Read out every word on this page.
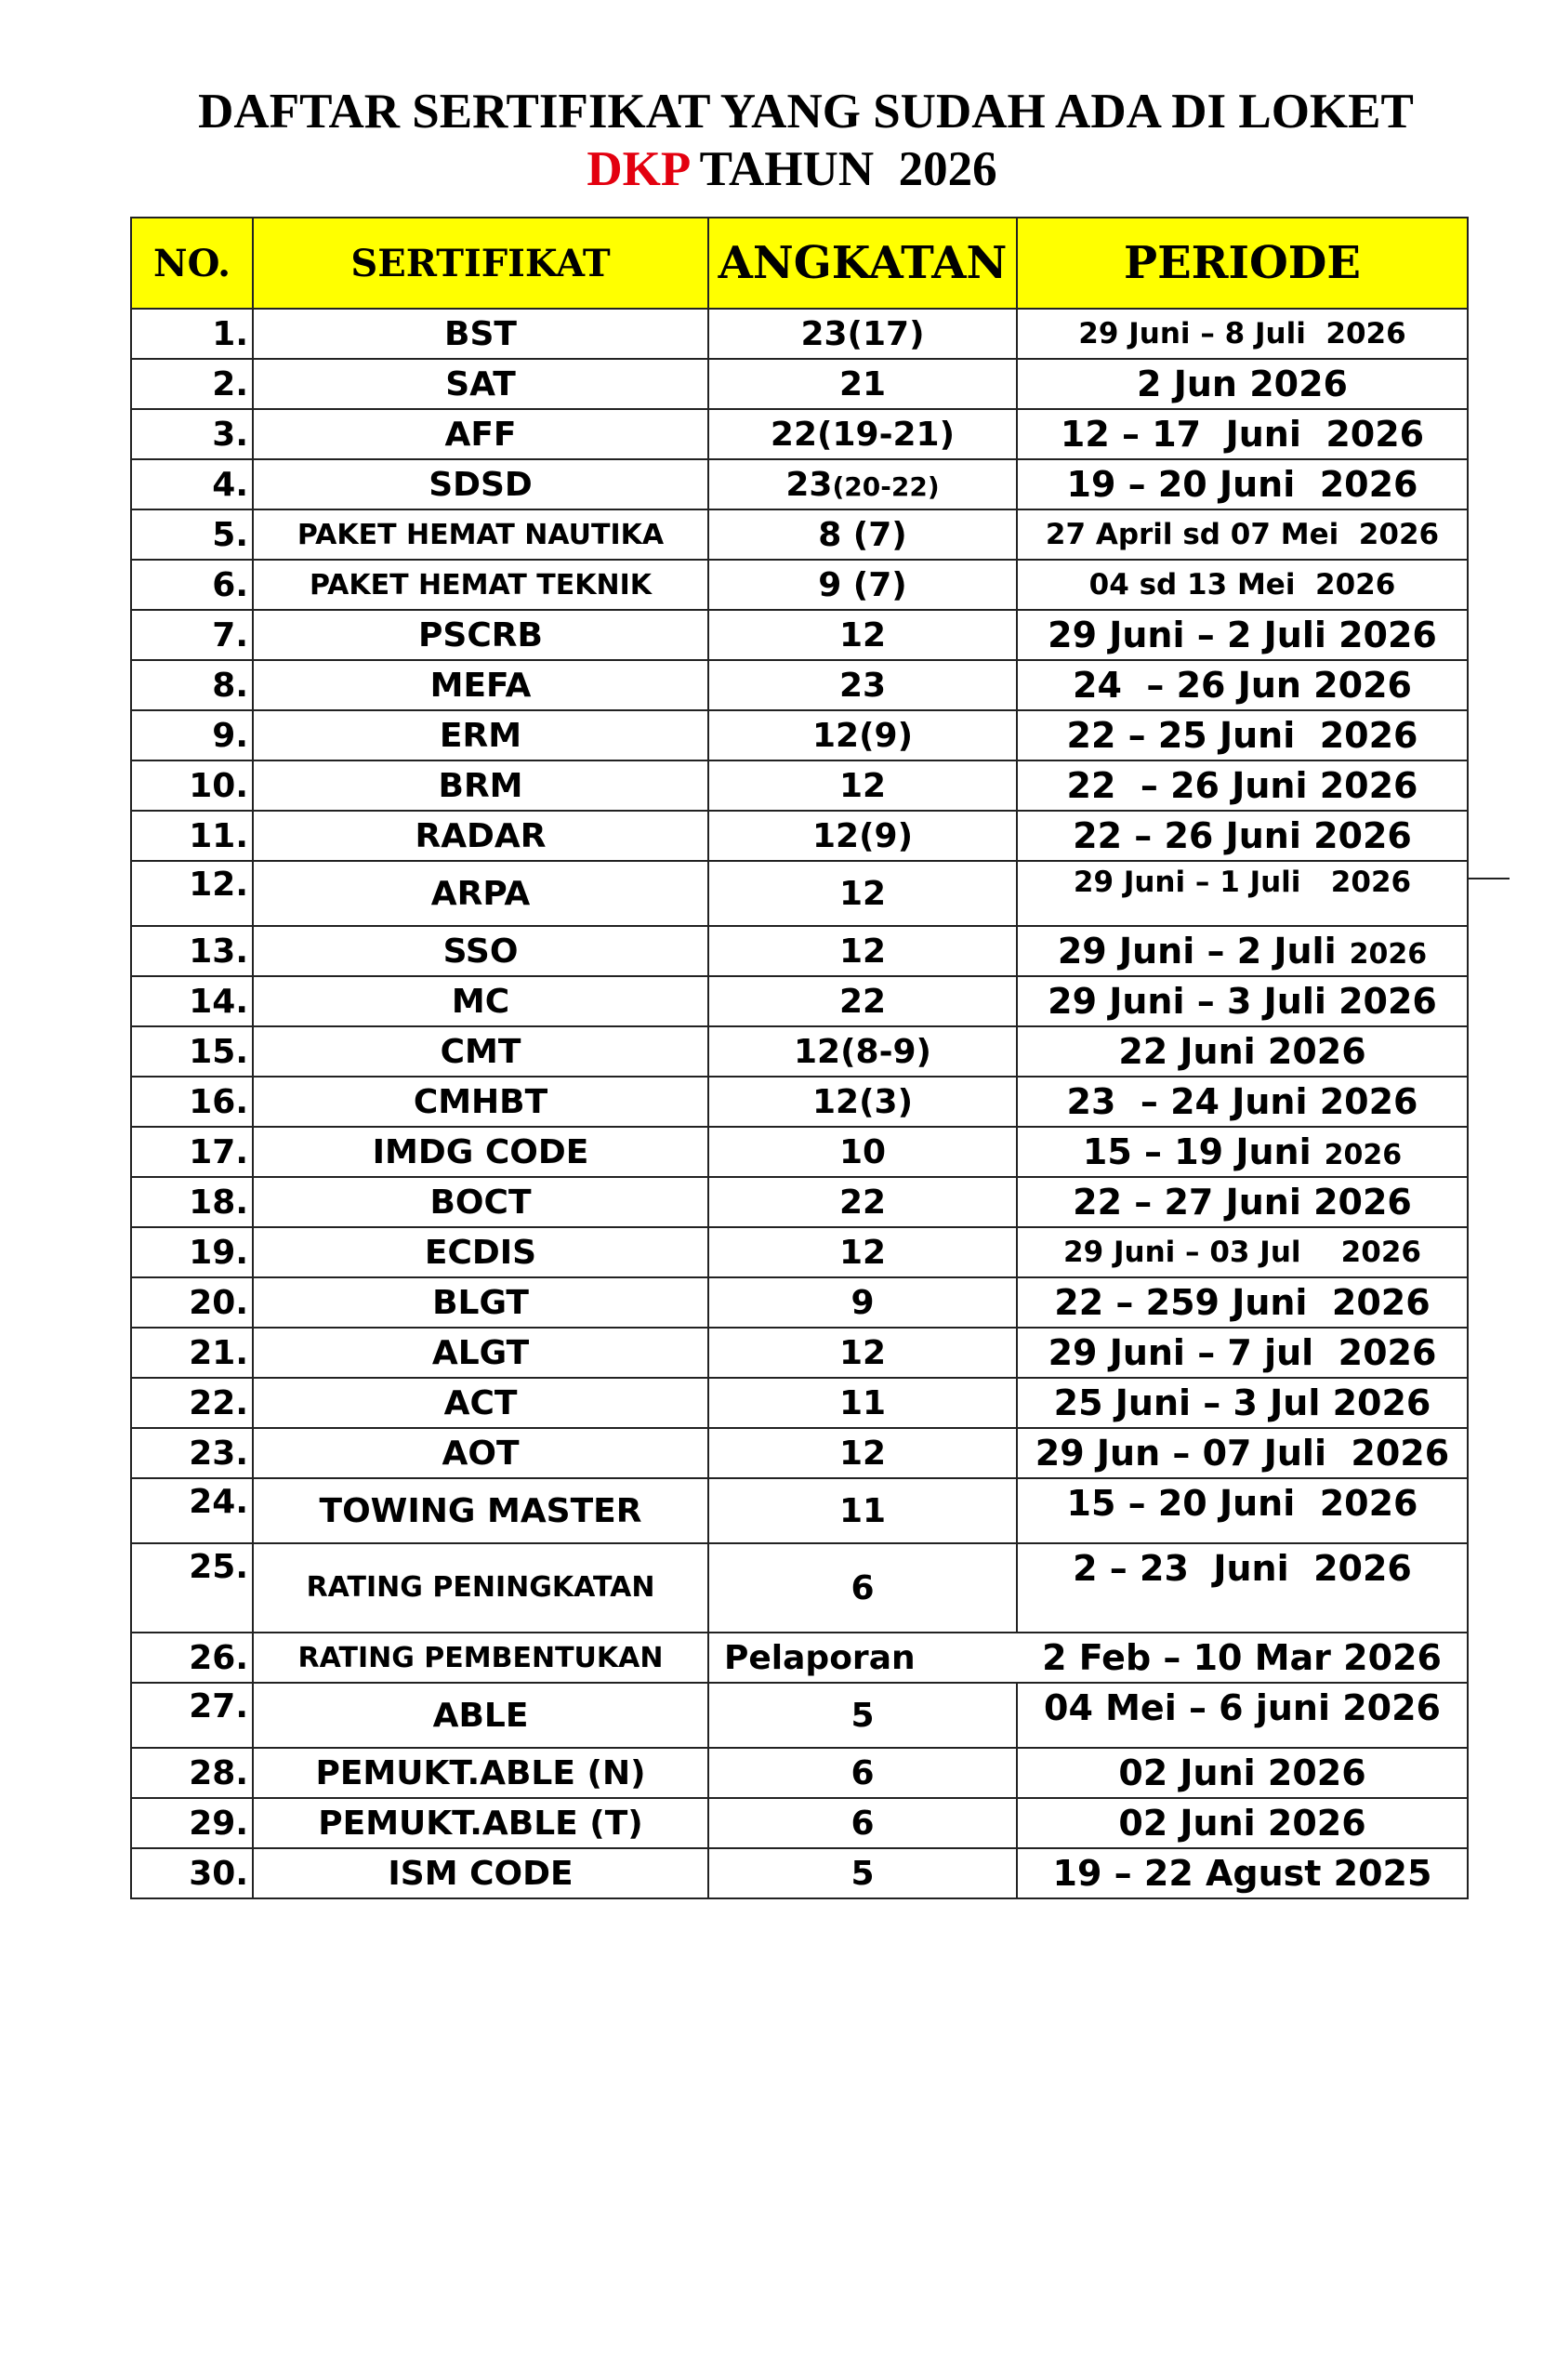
DAFTAR SERTIFIKAT YANG SUDAH ADA DI LOKET
DKP TAHUN  2026
NO.	SERTIFIKAT	ANGKATAN	PERIODE
1.	BST	23(17)	29 Juni – 8 Juli  2026
2.	SAT	21	2 Jun 2026
3.	AFF	22(19-21)	12 – 17  Juni  2026
4.	SDSD	23(20-22)	19 – 20 Juni  2026
5.	PAKET HEMAT NAUTIKA	8 (7)	27 April sd 07 Mei  2026
6.	PAKET HEMAT TEKNIK	9 (7)	04 sd 13 Mei  2026
7.	PSCRB	12	29 Juni – 2 Juli 2026
8.	MEFA	23	24  – 26 Jun 2026
9.	ERM	12(9)	22 – 25 Juni  2026
10.	BRM	12	22  – 26 Juni 2026
11.	RADAR	12(9)	22 – 26 Juni 2026
12.	ARPA	12	29 Juni – 1 Juli   2026
13.	SSO	12	29 Juni – 2 Juli 2026
14.	MC	22	29 Juni – 3 Juli 2026
15.	CMT	12(8-9)	22 Juni 2026
16.	CMHBT	12(3)	23  – 24 Juni 2026
17.	IMDG CODE	10	15 – 19 Juni 2026
18.	BOCT	22	22 – 27 Juni 2026
19.	ECDIS	12	29 Juni – 03 Jul    2026
20.	BLGT	9	22 – 259 Juni  2026
21.	ALGT	12	29 Juni – 7 jul  2026
22.	ACT	11	25 Juni – 3 Jul 2026
23.	AOT	12	29 Jun – 07 Juli  2026
24.	TOWING MASTER	11	15 – 20 Juni  2026
25.	RATING PENINGKATAN	6	2 – 23  Juni  2026
26.	RATING PEMBENTUKAN	Pelaporan	2 Feb – 10 Mar 2026
27.	ABLE	5	04 Mei – 6 juni 2026
28.	PEMUKT.ABLE (N)	6	02 Juni 2026
29.	PEMUKT.ABLE (T)	6	02 Juni 2026
30.	ISM CODE	5	19 – 22 Agust 2025
